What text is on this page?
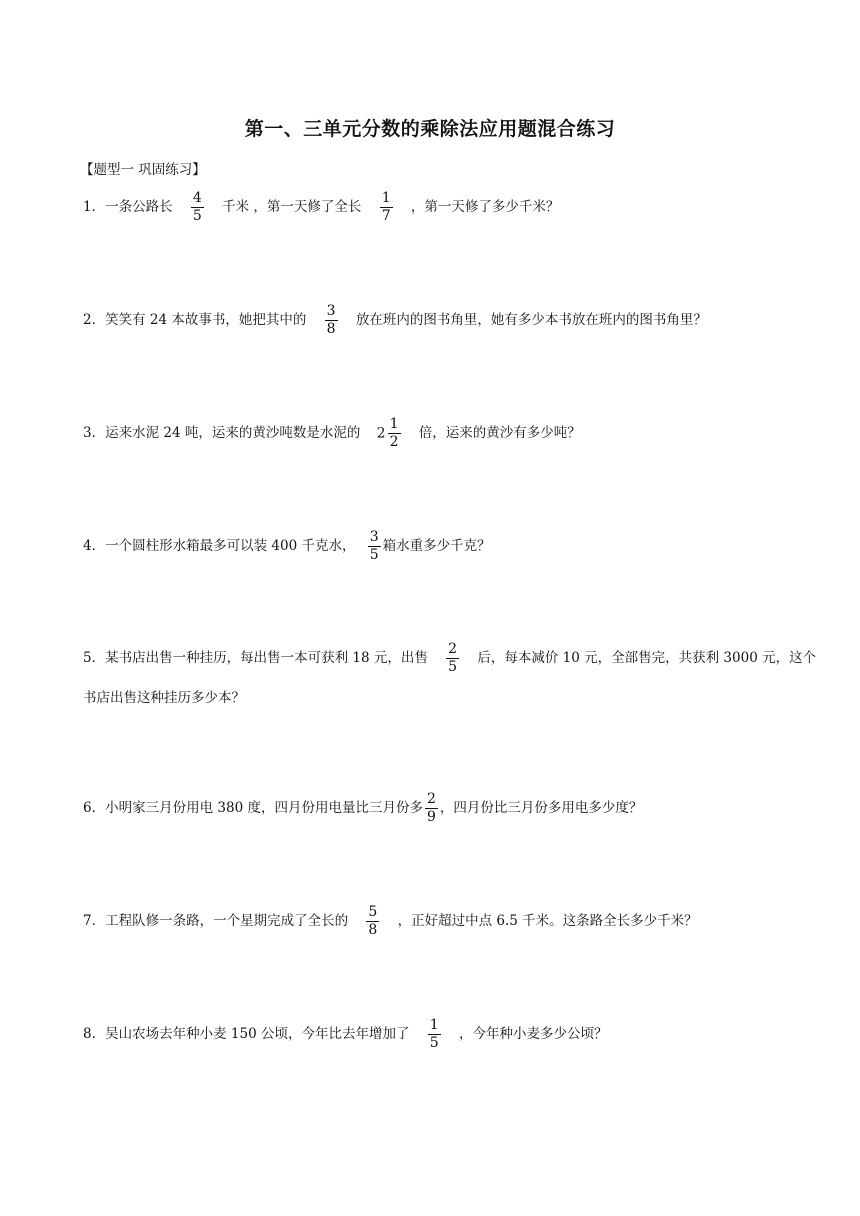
第一、三单元分数的乘除法应用题混合练习
【题型一 巩固练习】
1．一条公路长 $\frac{4}{5}$ 千米 ，第一天修了全长 $\frac{1}{7}$ ，第一天修了多少千米？
2．笑笑有 24 本故事书，她把其中的 $\frac{3}{8}$ 放在班内的图书角里，她有多少本书放在班内的图书角里？
3．运来水泥 24 吨，运来的黄沙吨数是水泥的 $2 \frac{1}{2}$ 倍，运来的黄沙有多少吨？
4．一个圆柱形水箱最多可以装 400 千克水， $\frac{3}{5}$ 箱水重多少千克？
5．某书店出售一种挂历，每出售一本可获利 18 元，出售 $\frac{2}{5}$ 后，每本减价 10 元，全部售完，共获利 3000 元，这个书店出售这种挂历多少本？
6．小明家三月份用电 380 度，四月份用电量比三月份多 $\frac{2}{9}$ ，四月份比三月份多用电多少度？
7．工程队修一条路，一个星期完成了全长的 $\frac{5}{8}$ ，正好超过中点 6.5 千米。这条路全长多少千米？
8．吴山农场去年种小麦 150 公顷，今年比去年增加了 $\frac{1}{5}$ ，今年种小麦多少公顷？
